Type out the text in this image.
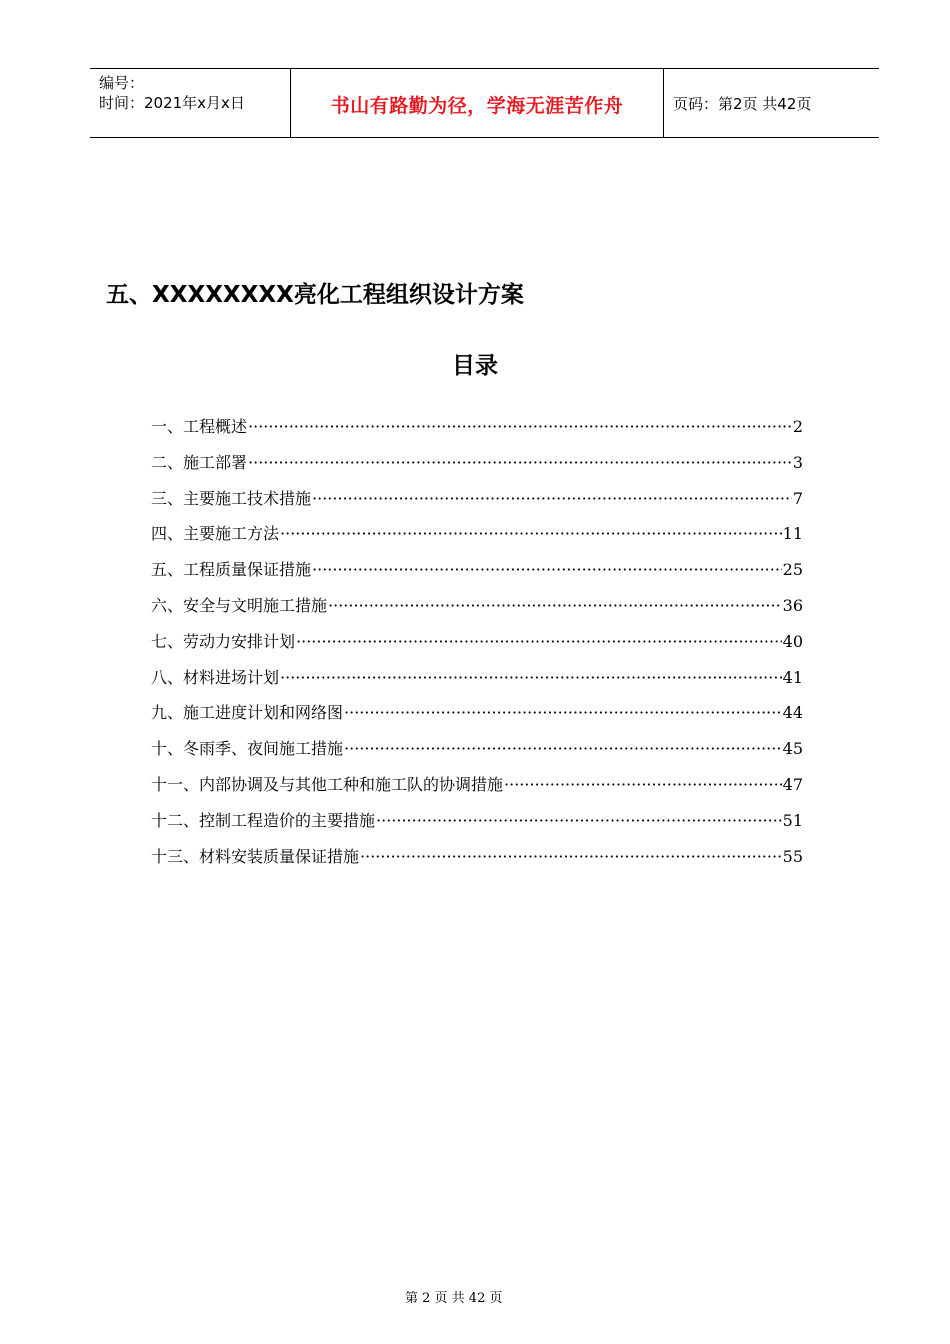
编号：
时间：2021年x月x日	书山有路勤为径，学海无涯苦作舟	页码：第2页 共42页
五、XXXXXXXX亮化工程组织设计方案
目录
一、工程概述 ·····	2
二、施工部署 ·····	3
三、主要施工技术措施 ·····	7
四、主要施工方法 ·····	11
五、工程质量保证措施 ·····	25
六、安全与文明施工措施 ·····	36
七、劳动力安排计划 ·····	40
八、材料进场计划 ·····	41
九、施工进度计划和网络图 ·····	44
十、冬雨季、夜间施工措施 ·····	45
十一、内部协调及与其他工种和施工队的协调措施 ·····	47
十二、控制工程造价的主要措施 ·····	51
十三、材料安装质量保证措施 ·····	55
第 2 页 共 42 页
